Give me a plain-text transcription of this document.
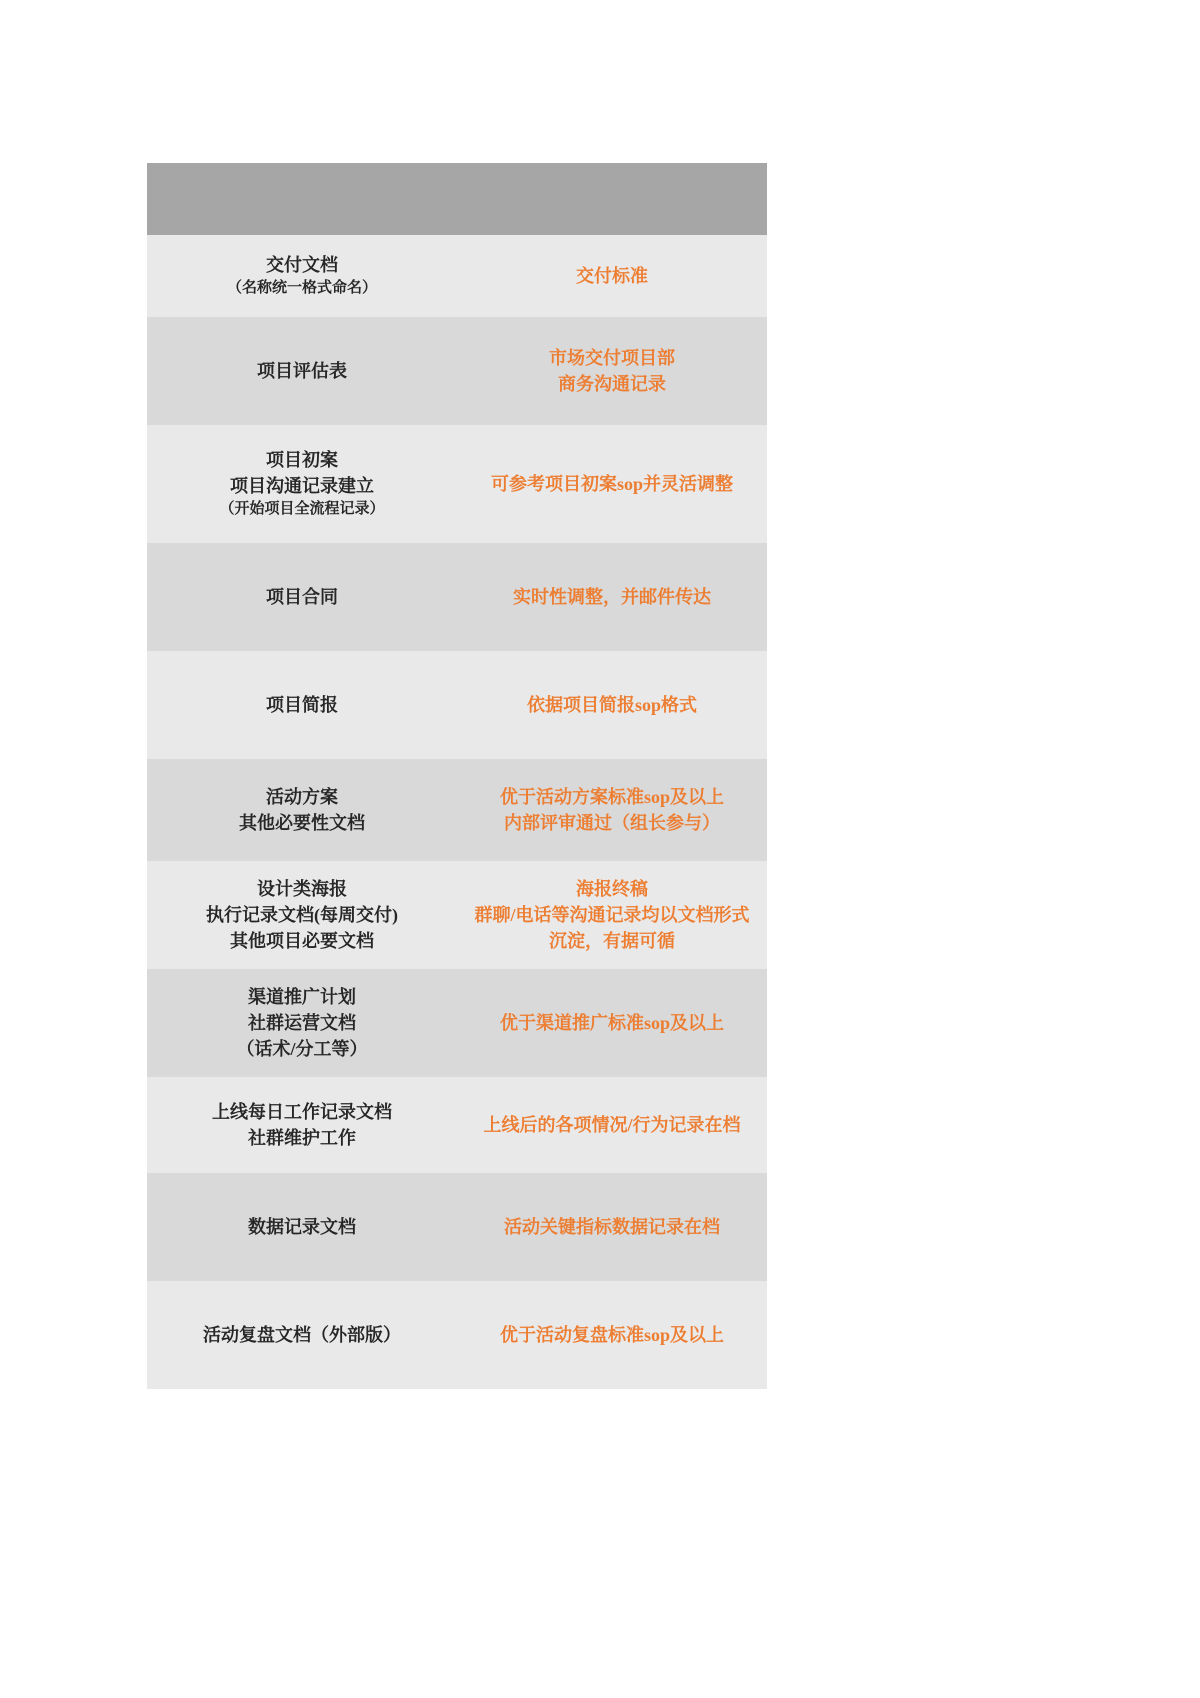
交付文档
（名称统一格式命名）	交付标准

项目评估表	市场交付项目部
商务沟通记录

项目初案
项目沟通记录建立
（开始项目全流程记录）	可参考项目初案sop并灵活调整

项目合同	实时性调整，并邮件传达

项目简报	依据项目简报sop格式

活动方案
其他必要性文档	优于活动方案标准sop及以上
内部评审通过（组长参与）

设计类海报
执行记录文档(每周交付)
其他项目必要文档	海报终稿
群聊/电话等沟通记录均以文档形式
沉淀，有据可循

渠道推广计划
社群运营文档
（话术/分工等）	优于渠道推广标准sop及以上

上线每日工作记录文档
社群维护工作	上线后的各项情况/行为记录在档

数据记录文档	活动关键指标数据记录在档

活动复盘文档（外部版）	优于活动复盘标准sop及以上
